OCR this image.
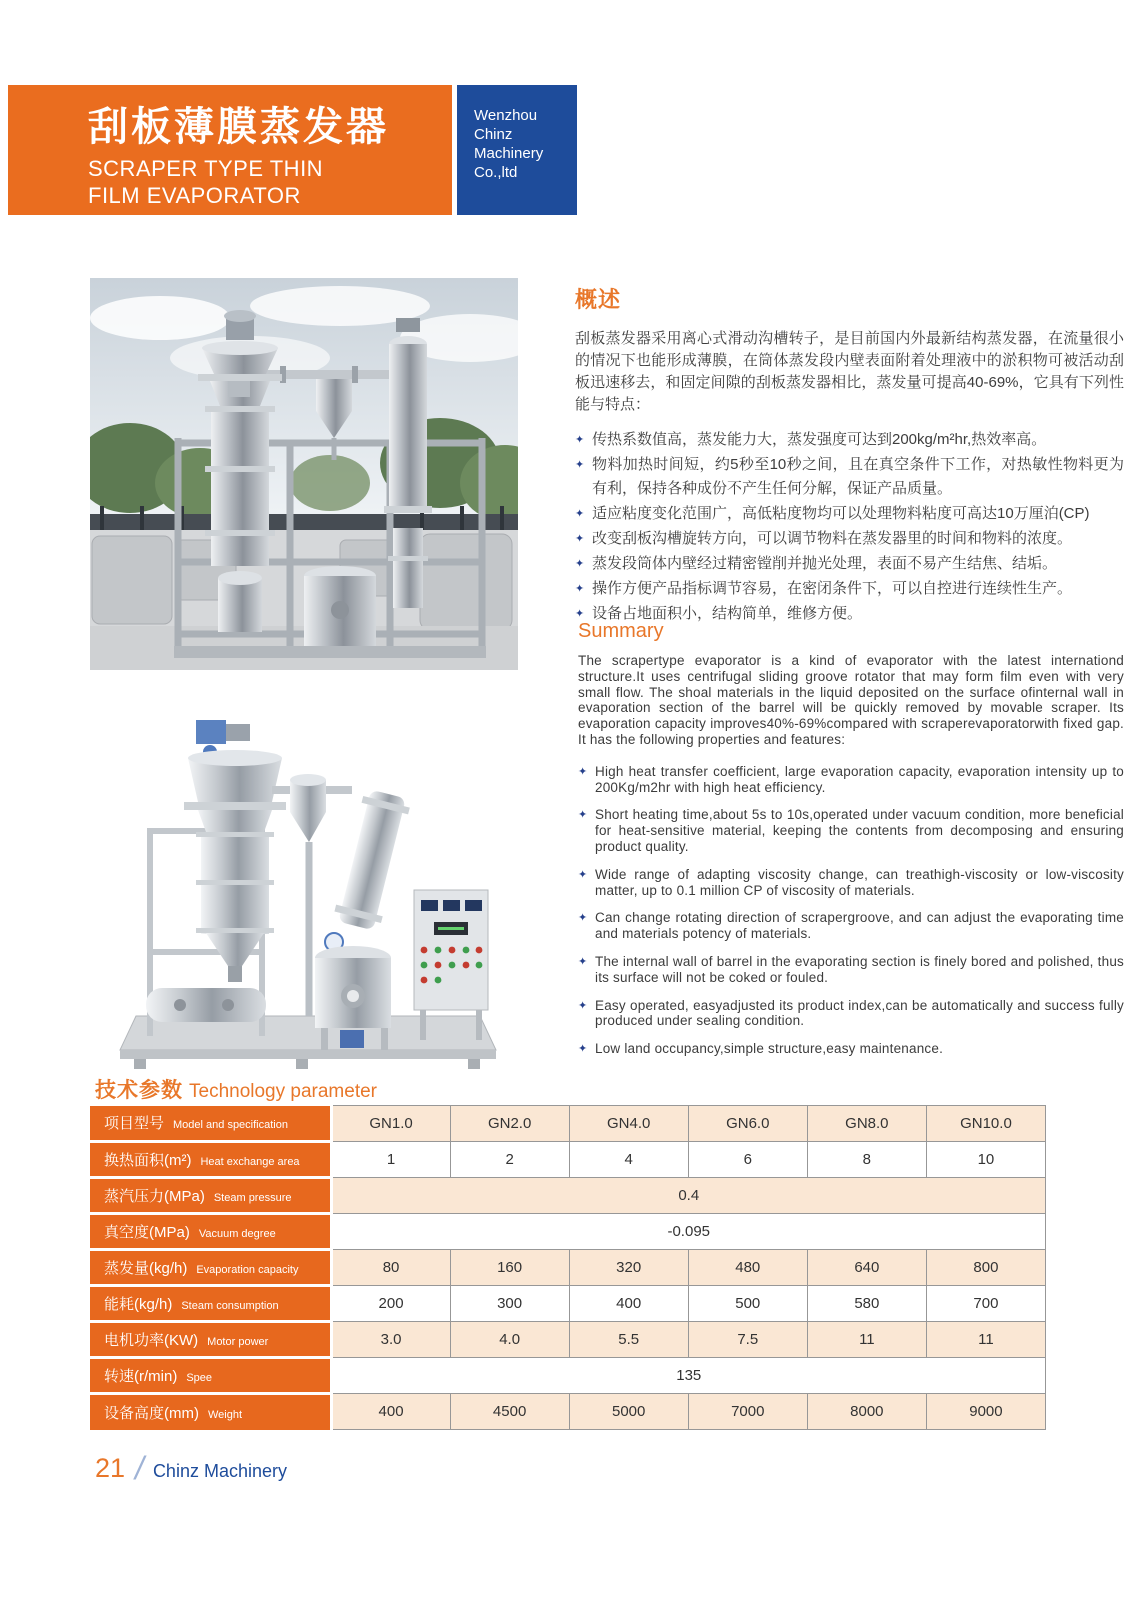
刮板薄膜蒸发器
SCRAPER TYPE THIN
FILM EVAPORATOR
Wenzhou Chinz Machinery Co.,ltd
概述

刮板蒸发器采用离心式滑动沟槽转子，是目前国内外最新结构蒸发器，在流量很小的情况下也能形成薄膜，在筒体蒸发段内壁表面附着处理液中的淤积物可被活动刮板迅速移去，和固定间隙的刮板蒸发器相比，蒸发量可提高40-69%，它具有下列性能与特点：

✦ 传热系数值高，蒸发能力大，蒸发强度可达到200kg/m²hr,热效率高。
✦ 物料加热时间短，约5秒至10秒之间，且在真空条件下工作，对热敏性物料更为有利，保持各种成份不产生任何分解，保证产品质量。
✦ 适应粘度变化范围广，高低粘度物均可以处理物料粘度可高达10万厘泊(CP)
✦ 改变刮板沟槽旋转方向，可以调节物料在蒸发器里的时间和物料的浓度。
✦ 蒸发段筒体内壁经过精密镗削并抛光处理，表面不易产生结焦、结垢。
✦ 操作方便产品指标调节容易，在密闭条件下，可以自控进行连续性生产。
✦ 设备占地面积小，结构简单，维修方便。
Summary

The scrapertype evaporator is a kind of evaporator with the latest internationd structure.It uses centrifugal sliding groove rotator that may form film even with very small flow. The shoal materials in the liquid deposited on the surface ofinternal wall in evaporation section of the barrel will be quickly removed by movable scraper. Its evaporation capacity improves40%-69%compared with scraperevaporatorwith fixed gap. It has the following properties and features:

✦ High heat transfer coefficient, large evaporation capacity, evaporation intensity up to 200Kg/m2hr with high heat efficiency.
✦ Short heating time,about 5s to 10s,operated under vacuum condition, more beneficial for heat-sensitive material, keeping the contents from decomposing and ensuring product quality.
✦ Wide range of adapting viscosity change, can treathigh-viscosity or low-viscosity matter, up to 0.1 million CP of viscosity of materials.
✦ Can change rotating direction of scrapergroove, and can adjust the evaporating time and materials potency of materials.
✦ The internal wall of barrel in the evaporating section is finely bored and polished, thus its surface will not be coked or fouled.
✦ Easy operated, easyadjusted its product index,can be automatically and success fully produced under sealing condition.
✦ Low land occupancy,simple structure,easy maintenance.
技术参数 Technology parameter
项目型号 Model and specification	GN1.0	GN2.0	GN4.0	GN6.0	GN8.0	GN10.0
换热面积(m²) Heat exchange area	1	2	4	6	8	10
蒸汽压力(MPa) Steam pressure	0.4					
真空度(MPa) Vacuum degree	-0.095					
蒸发量(kg/h) Evaporation capacity	80	160	320	480	640	800
能耗(kg/h) Steam consumption	200	300	400	500	580	700
电机功率(KW) Motor power	3.0	4.0	5.5	7.5	11	11
转速(r/min) Spee	135					
设备高度(mm) Weight	400	4500	5000	7000	8000	9000
21 / Chinz Machinery
